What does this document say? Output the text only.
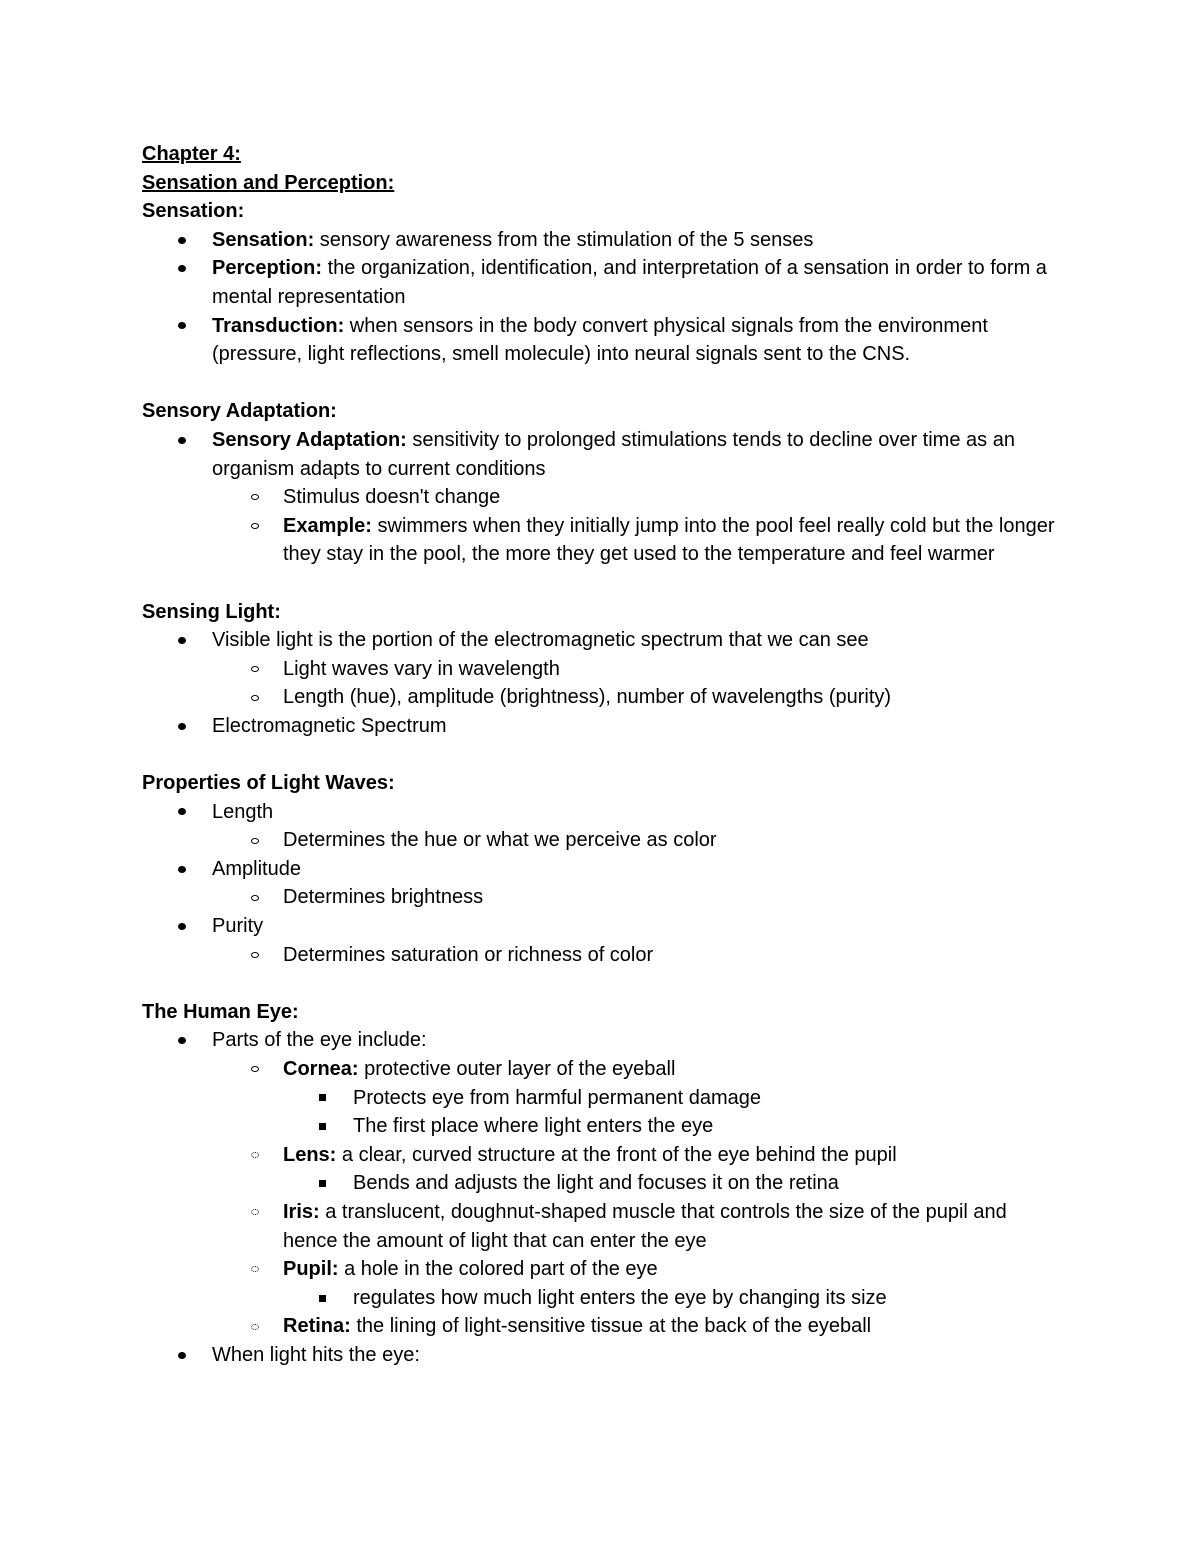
Chapter 4:

Sensation and Perception:

Sensation:

Sensation: sensory awareness from the stimulation of the 5 senses
Perception: the organization, identification, and interpretation of a sensation in order to form a mental representation
Transduction: when sensors in the body convert physical signals from the environment (pressure, light reflections, smell molecule) into neural signals sent to the CNS.

Sensory Adaptation:

Sensory Adaptation: sensitivity to prolonged stimulations tends to decline over time as an organism adapts to current conditions
Stimulus doesn't change
Example: swimmers when they initially jump into the pool feel really cold but the longer they stay in the pool, the more they get used to the temperature and feel warmer

Sensing Light:

Visible light is the portion of the electromagnetic spectrum that we can see
Light waves vary in wavelength
Length (hue), amplitude (brightness), number of wavelengths (purity)
Electromagnetic Spectrum

Properties of Light Waves:

Length
Determines the hue or what we perceive as color
Amplitude
Determines brightness
Purity
Determines saturation or richness of color

The Human Eye:

Parts of the eye include:
Cornea: protective outer layer of the eyeball
Protects eye from harmful permanent damage
The first place where light enters the eye
Lens: a clear, curved structure at the front of the eye behind the pupil
Bends and adjusts the light and focuses it on the retina
Iris: a translucent, doughnut-shaped muscle that controls the size of the pupil and hence the amount of light that can enter the eye
Pupil: a hole in the colored part of the eye
regulates how much light enters the eye by changing its size
Retina: the lining of light-sensitive tissue at the back of the eyeball
When light hits the eye:
